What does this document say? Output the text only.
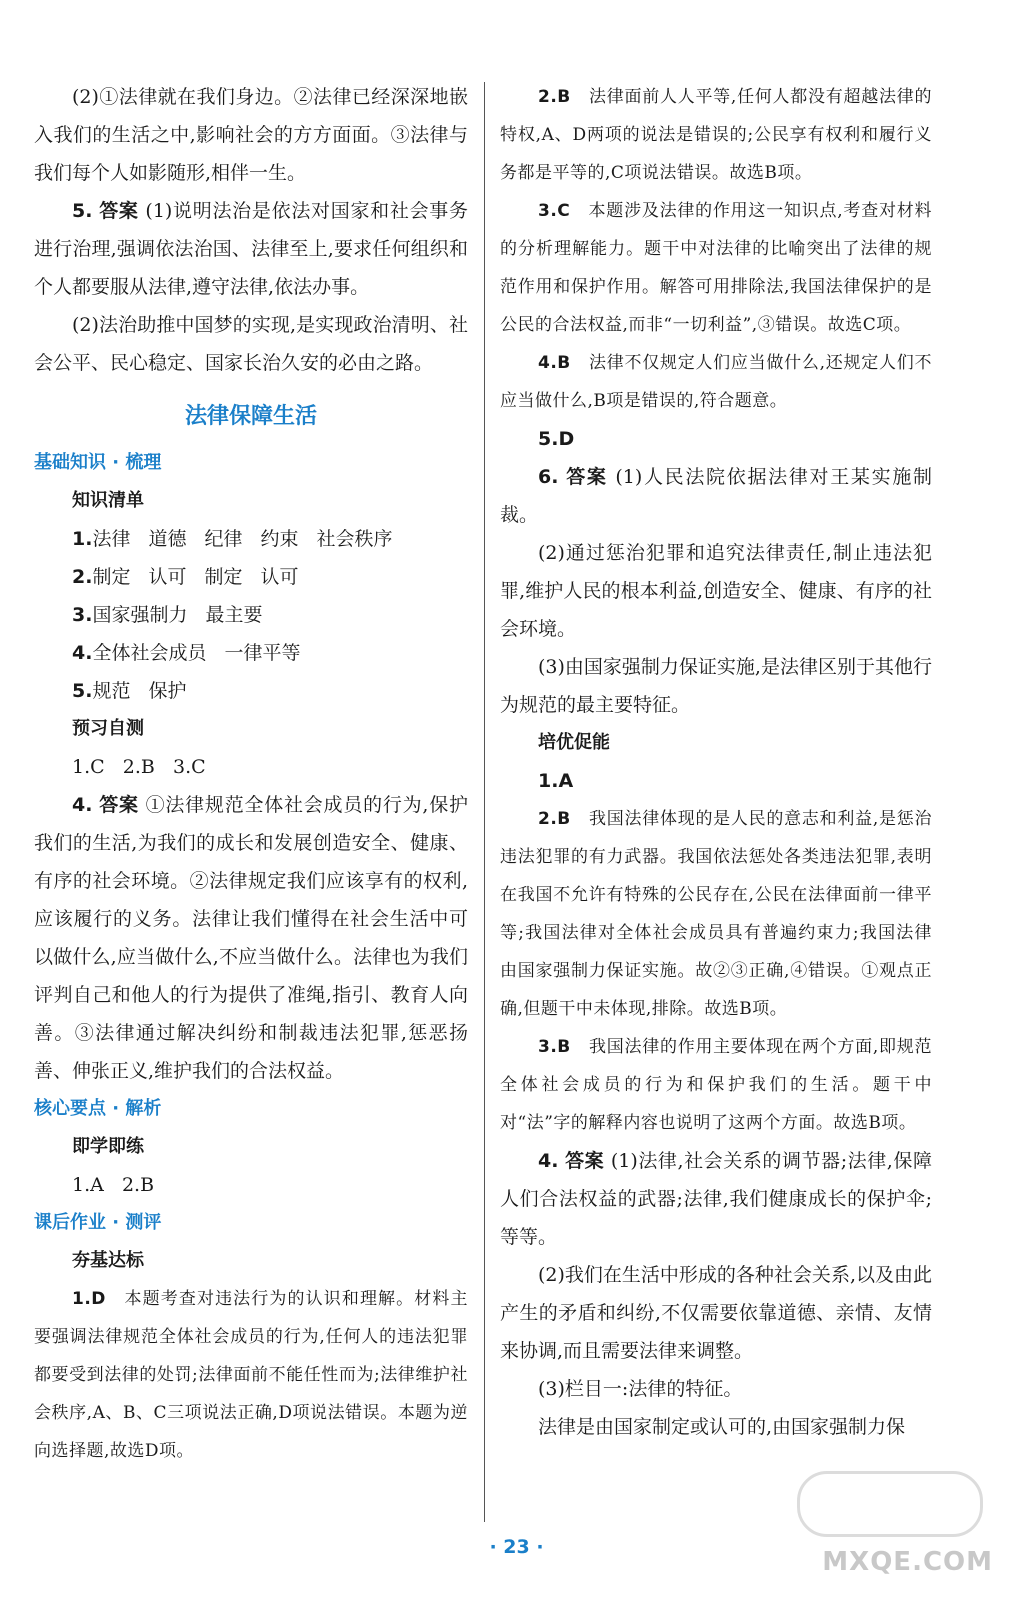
(2)①法律就在我们身边。②法律已经深深地嵌入我们的生活之中,影响社会的方方面面。③法律与我们每个人如影随形,相伴一生。

5. 答案 (1)说明法治是依法对国家和社会事务进行治理,强调依法治国、法律至上,要求任何组织和个人都要服从法律,遵守法律,依法办事。

(2)法治助推中国梦的实现,是实现政治清明、社会公平、民心稳定、国家长治久安的必由之路。

法律保障生活
基础知识 · 梳理
知识清单

1.法律 道德 纪律 约束 社会秩序

2.制定 认可 制定 认可

3.国家强制力 最主要

4.全体社会成员 一律平等

5.规范 保护

预习自测

1.C   2.B   3.C

4. 答案 ①法律规范全体社会成员的行为,保护我们的生活,为我们的成长和发展创造安全、健康、有序的社会环境。②法律规定我们应该享有的权利,应该履行的义务。法律让我们懂得在社会生活中可以做什么,应当做什么,不应当做什么。法律也为我们评判自己和他人的行为提供了准绳,指引、教育人向善。③法律通过解决纠纷和制裁违法犯罪,惩恶扬善、伸张正义,维护我们的合法权益。

核心要点 · 解析
即学即练

1.A   2.B

课后作业 · 测评
夯基达标

1.D 本题考查对违法行为的认识和理解。材料主要强调法律规范全体社会成员的行为,任何人的违法犯罪都要受到法律的处罚;法律面前不能任性而为;法律维护社会秩序,A、B、C三项说法正确,D项说法错误。本题为逆向选择题,故选D项。

2.B 法律面前人人平等,任何人都没有超越法律的特权,A、D两项的说法是错误的;公民享有权利和履行义务都是平等的,C项说法错误。故选B项。

3.C 本题涉及法律的作用这一知识点,考查对材料的分析理解能力。题干中对法律的比喻突出了法律的规范作用和保护作用。解答可用排除法,我国法律保护的是公民的合法权益,而非“一切利益”,③错误。故选C项。

4.B 法律不仅规定人们应当做什么,还规定人们不应当做什么,B项是错误的,符合题意。

5.D

6. 答案 (1)人民法院依据法律对王某实施制裁。

(2)通过惩治犯罪和追究法律责任,制止违法犯罪,维护人民的根本利益,创造安全、健康、有序的社会环境。

(3)由国家强制力保证实施,是法律区别于其他行为规范的最主要特征。

培优促能

1.A

2.B 我国法律体现的是人民的意志和利益,是惩治违法犯罪的有力武器。我国依法惩处各类违法犯罪,表明在我国不允许有特殊的公民存在,公民在法律面前一律平等;我国法律对全体社会成员具有普遍约束力;我国法律由国家强制力保证实施。故②③正确,④错误。①观点正确,但题干中未体现,排除。故选B项。

3.B 我国法律的作用主要体现在两个方面,即规范全体社会成员的行为和保护我们的生活。题干中对“法”字的解释内容也说明了这两个方面。故选B项。

4. 答案 (1)法律,社会关系的调节器;法律,保障人们合法权益的武器;法律,我们健康成长的保护伞;等等。

(2)我们在生活中形成的各种社会关系,以及由此产生的矛盾和纠纷,不仅需要依靠道德、亲情、友情来协调,而且需要法律来调整。

(3)栏目一:法律的特征。

法律是由国家制定或认可的,由国家强制力保

MXQE.COM
· 23 ·
